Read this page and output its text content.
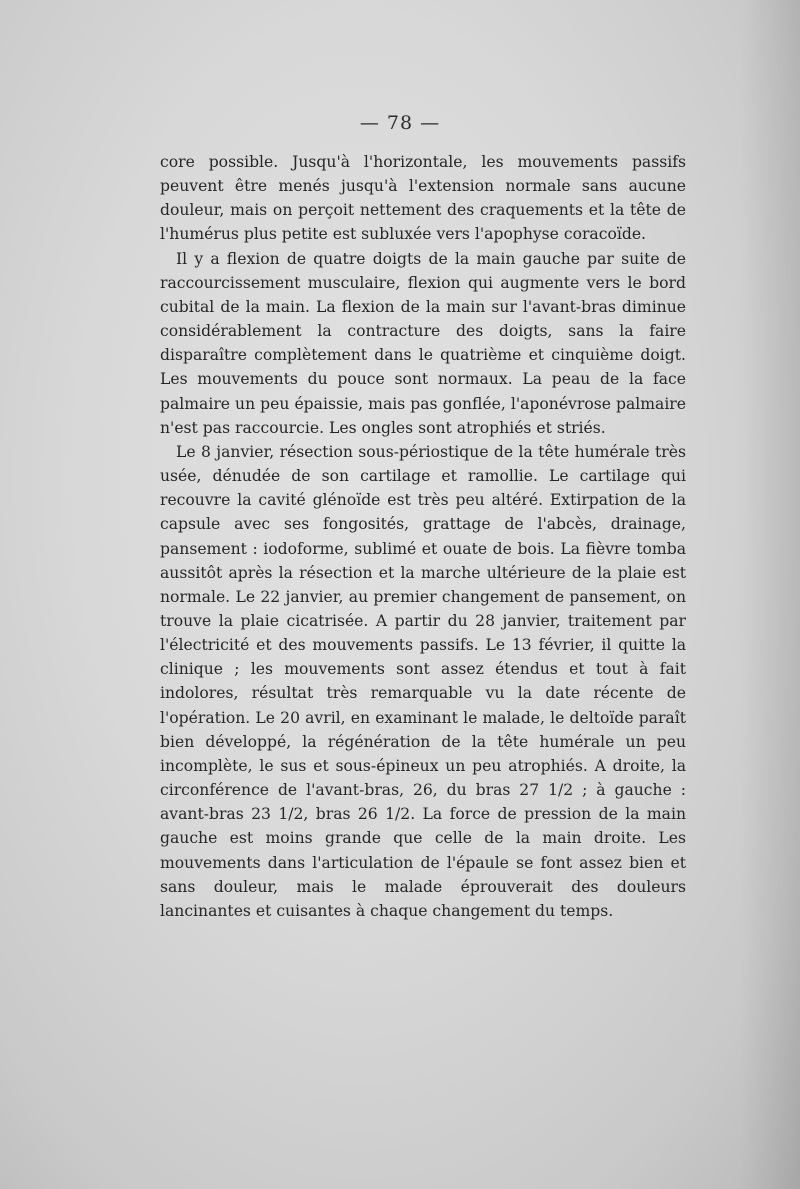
— 78 —

core possible. Jusqu'à l'horizontale, les mouvements passifs peuvent être menés jusqu'à l'extension normale sans aucune douleur, mais on perçoit nettement des craquements et la tête de l'humérus plus petite est subluxée vers l'apophyse coracoïde.

Il y a flexion de quatre doigts de la main gauche par suite de raccourcissement musculaire, flexion qui augmente vers le bord cubital de la main. La flexion de la main sur l'avant-bras diminue considérablement la contracture des doigts, sans la faire disparaître complètement dans le quatrième et cinquième doigt. Les mouvements du pouce sont normaux. La peau de la face palmaire un peu épaissie, mais pas gonflée, l'aponévrose palmaire n'est pas raccourcie. Les ongles sont atrophiés et striés.

Le 8 janvier, résection sous-périostique de la tête humérale très usée, dénudée de son cartilage et ramollie. Le cartilage qui recouvre la cavité glénoïde est très peu altéré. Extirpation de la capsule avec ses fongosités, grattage de l'abcès, drainage, pansement : iodoforme, sublimé et ouate de bois. La fièvre tomba aussitôt après la résection et la marche ultérieure de la plaie est normale. Le 22 janvier, au premier changement de pansement, on trouve la plaie cicatrisée. A partir du 28 janvier, traitement par l'électricité et des mouvements passifs. Le 13 février, il quitte la clinique ; les mouvements sont assez étendus et tout à fait indolores, résultat très remarquable vu la date récente de l'opération. Le 20 avril, en examinant le malade, le deltoïde paraît bien développé, la régénération de la tête humérale un peu incomplète, le sus et sous-épineux un peu atrophiés. A droite, la circonférence de l'avant-bras, 26, du bras 27 1/2 ; à gauche : avant-bras 23 1/2, bras 26 1/2. La force de pression de la main gauche est moins grande que celle de la main droite. Les mouvements dans l'articulation de l'épaule se font assez bien et sans douleur, mais le malade éprouverait des douleurs lancinantes et cuisantes à chaque changement du temps.
